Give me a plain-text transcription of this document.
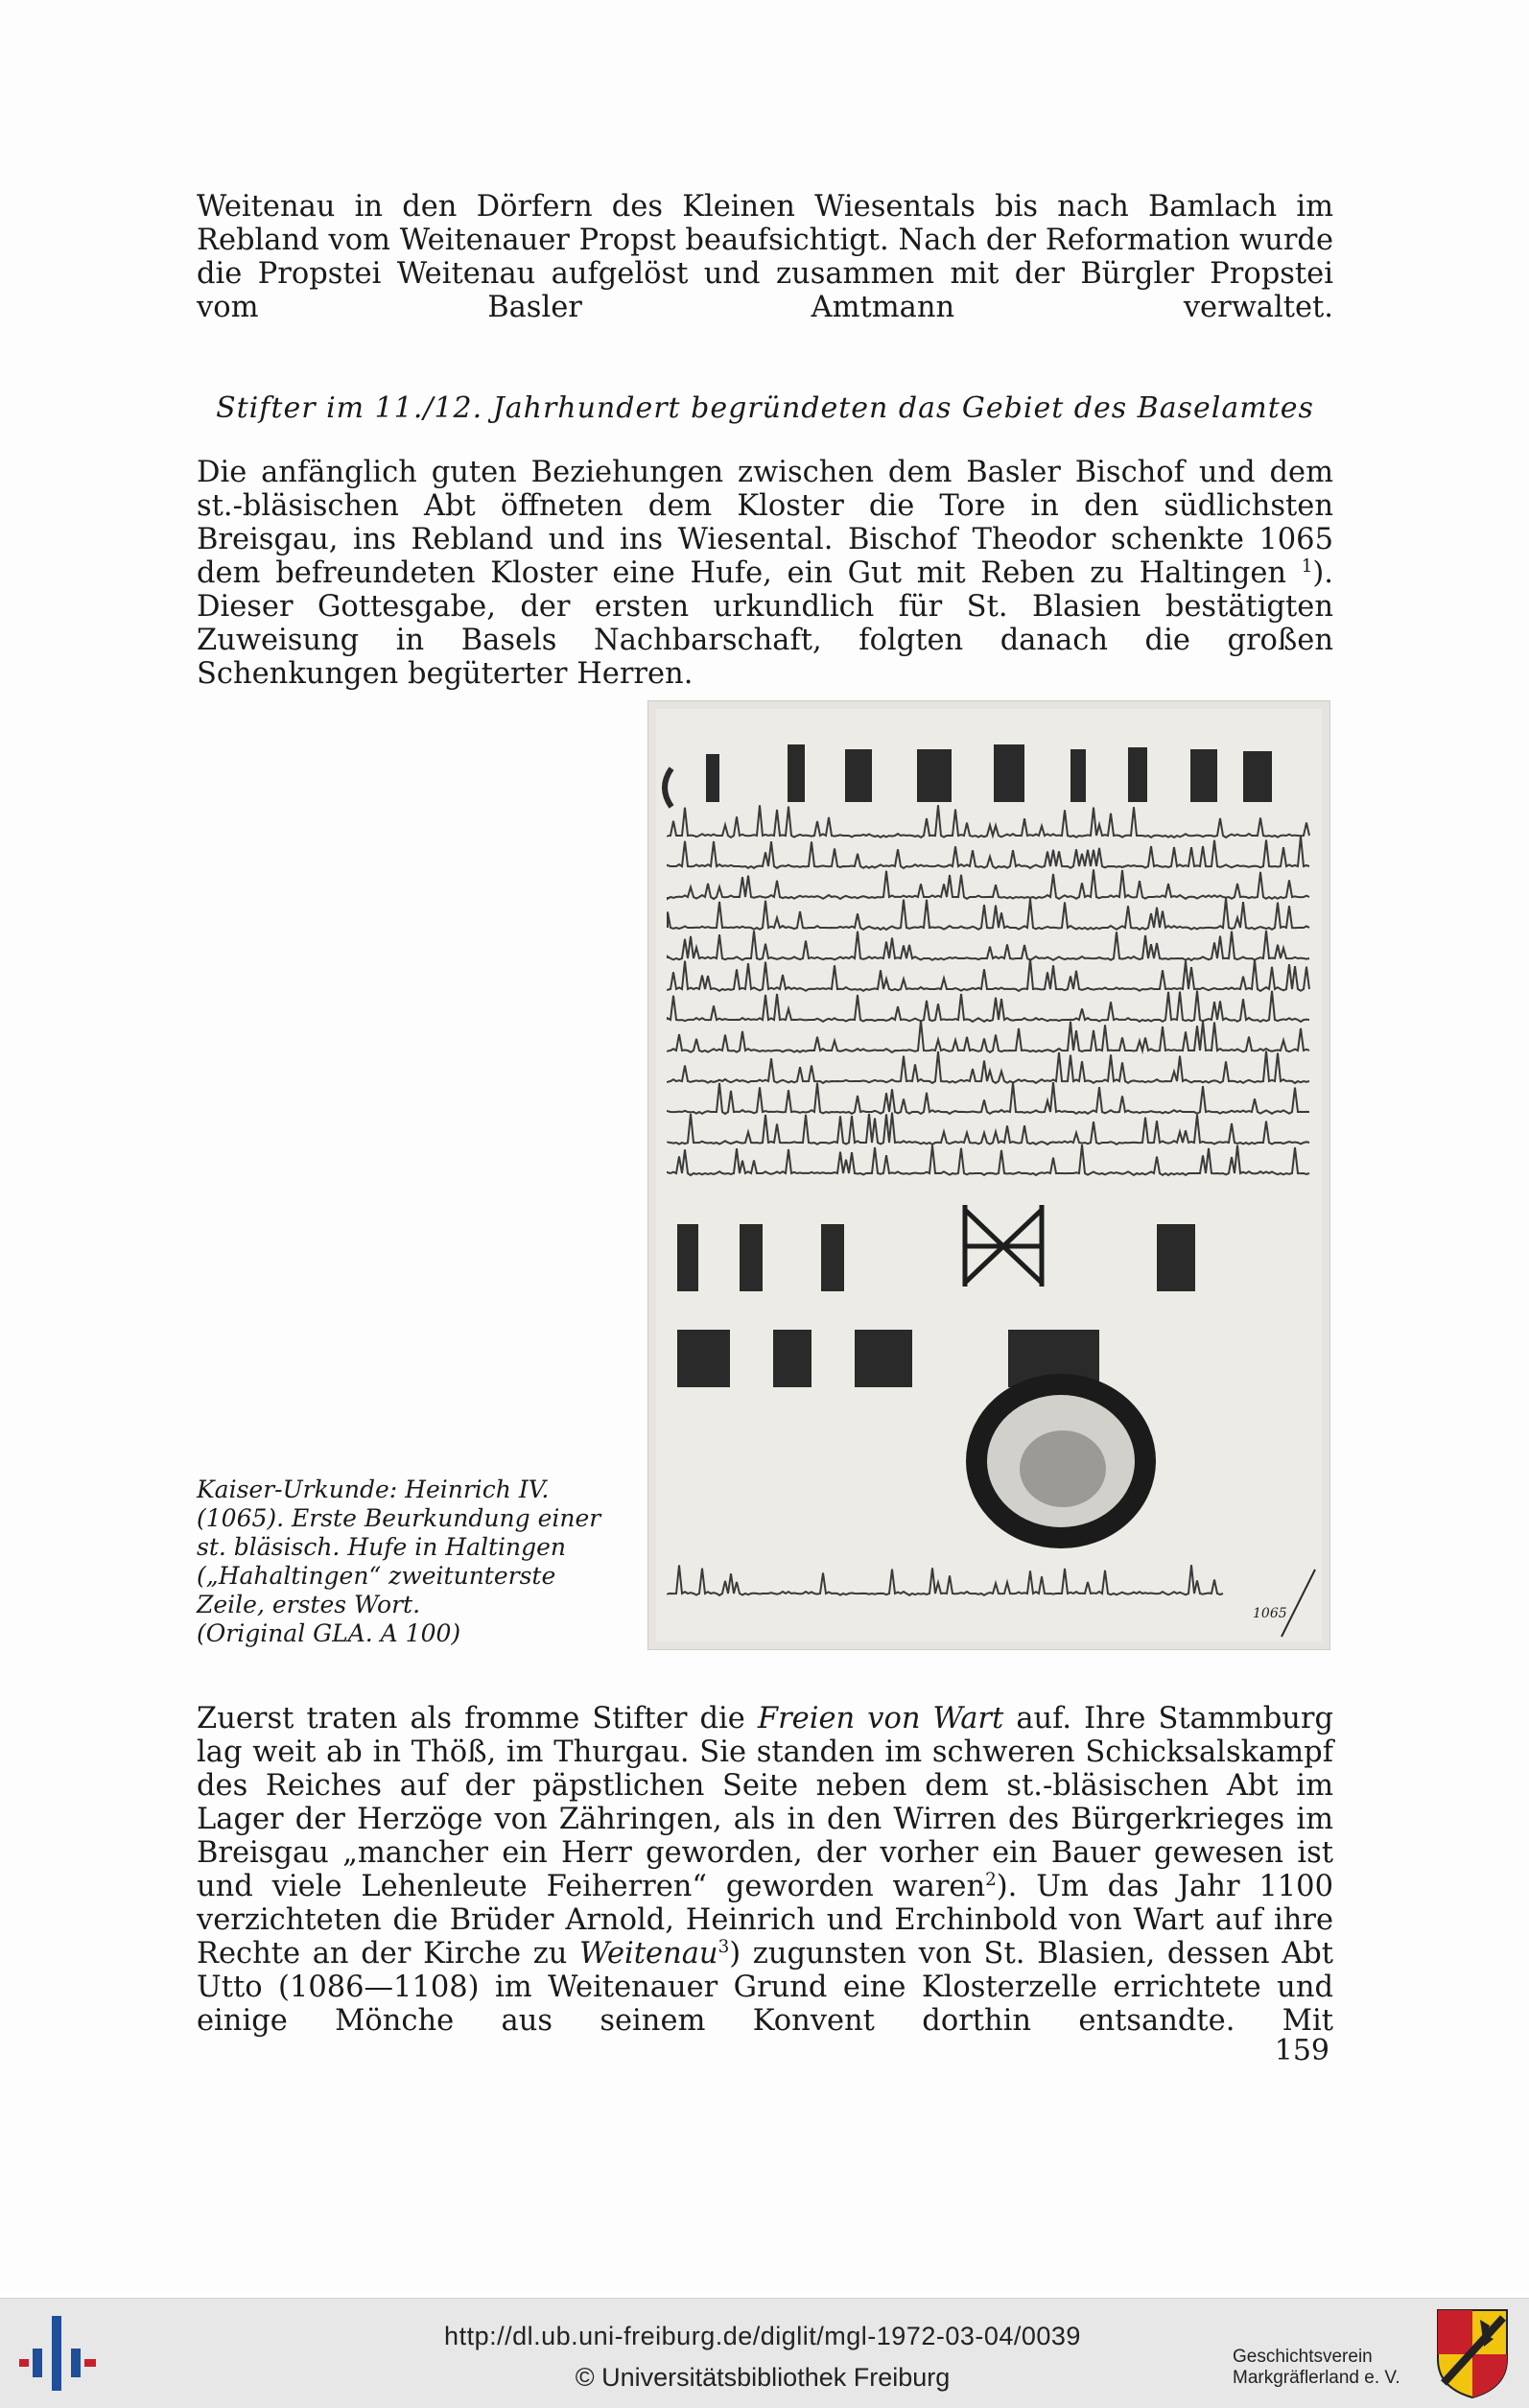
Weitenau in den Dörfern des Kleinen Wiesentals bis nach Bamlach im Rebland vom Weitenauer Propst beaufsichtigt. Nach der Reformation wurde die Propstei Weitenau aufgelöst und zusammen mit der Bürgler Propstei vom Basler Amtmann verwaltet.

Stifter im 11./12. Jahrhundert begründeten das Gebiet des Baselamtes

Die anfänglich guten Beziehungen zwischen dem Basler Bischof und dem st.-bläsischen Abt öffneten dem Kloster die Tore in den südlichsten Breisgau, ins Rebland und ins Wiesental. Bischof Theodor schenkte 1065 dem befreundeten Kloster eine Hufe, ein Gut mit Reben zu Haltingen $^1$). Dieser Gottesgabe, der ersten urkundlich für St. Blasien bestätigten Zuweisung in Basels Nachbarschaft, folgten danach die großen Schenkungen begüterter Herren.

1065

Kaiser-Urkunde: Heinrich IV.
(1065). Erste Beurkundung einer
st. bläsisch. Hufe in Haltingen
(„Hahaltingen“ zweitunterste
Zeile, erstes Wort.
(Original GLA. A 100)

Zuerst traten als fromme Stifter die Freien von Wart auf. Ihre Stammburg lag weit ab in Thöß, im Thurgau. Sie standen im schweren Schicksalskampf des Reiches auf der päpstlichen Seite neben dem st.-bläsischen Abt im Lager der Herzöge von Zähringen, als in den Wirren des Bürgerkrieges im Breisgau „mancher ein Herr geworden, der vorher ein Bauer gewesen ist und viele Lehenleute Feiherren“ geworden waren$^2$). Um das Jahr 1100 verzichteten die Brüder Arnold, Heinrich und Erchinbold von Wart auf ihre Rechte an der Kirche zu Weitenau$^3$) zugunsten von St. Blasien, dessen Abt Utto (1086—1108) im Weitenauer Grund eine Klosterzelle errichtete und einige Mönche aus seinem Konvent dorthin entsandte. Mit

159
http://dl.ub.uni-freiburg.de/diglit/mgl-1972-03-04/0039
© Universitätsbibliothek Freiburg
Geschichtsverein
Markgräflerland e. V.
